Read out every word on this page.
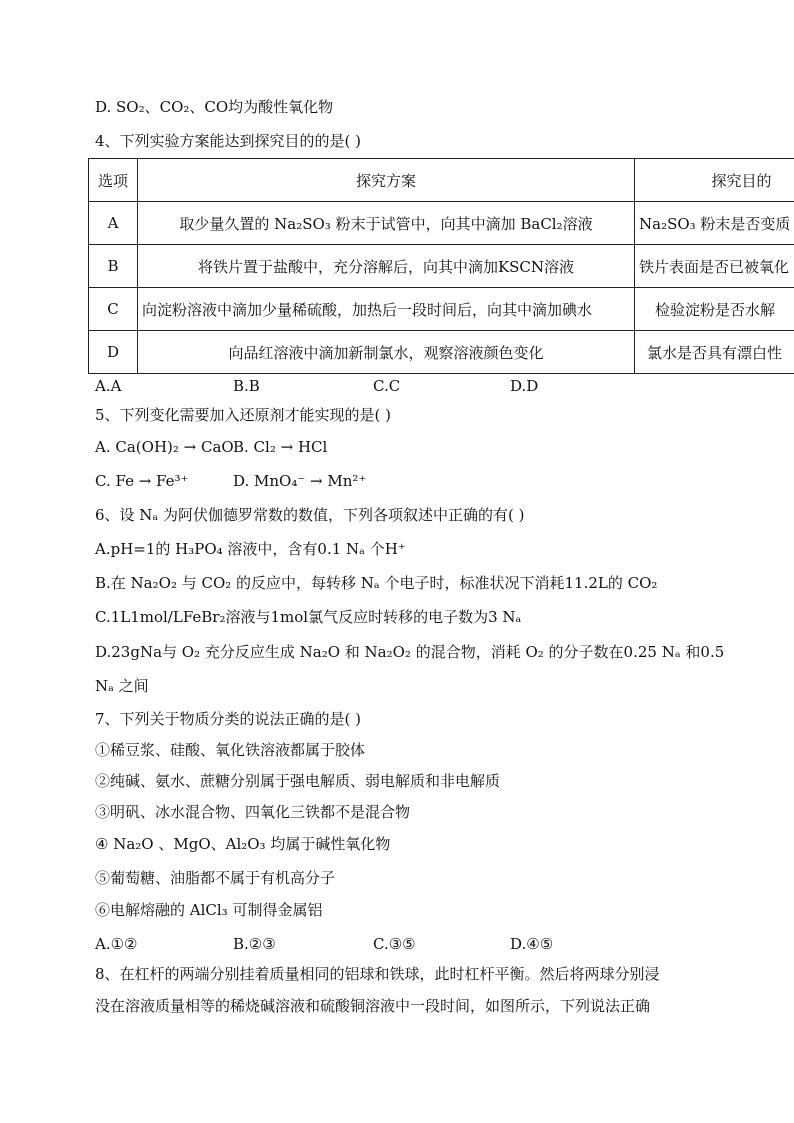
D. SO₂、CO₂、CO均为酸性氧化物
4、下列实验方案能达到探究目的的是( )
选项	探究方案	探究目的
A	取少量久置的 Na₂SO₃ 粉末于试管中，向其中滴加 BaCl₂溶液	Na₂SO₃ 粉末是否变质
B	将铁片置于盐酸中，充分溶解后，向其中滴加KSCN溶液	铁片表面是否已被氧化
C	向淀粉溶液中滴加少量稀硫酸，加热后一段时间后，向其中滴加碘水	检验淀粉是否水解
D	向品红溶液中滴加新制氯水，观察溶液颜色变化	氯水是否具有漂白性
A.A	B.B	C.C	D.D
5、下列变化需要加入还原剂才能实现的是( )
A. Ca(OH)₂ → CaO B. Cl₂ → HCl
C. Fe → Fe³⁺	D. MnO₄⁻ → Mn²⁺
6、设 Nₐ 为阿伏伽德罗常数的数值，下列各项叙述中正确的有( )
A.pH=1的 H₃PO₄ 溶液中，含有0.1 Nₐ 个H⁺
B.在 Na₂O₂ 与 CO₂ 的反应中，每转移 Nₐ 个电子时，标准状况下消耗11.2L的 CO₂
C.1L1mol/LFeBr₂溶液与1mol氯气反应时转移的电子数为3 Nₐ
D.23gNa与 O₂ 充分反应生成 Na₂O 和 Na₂O₂ 的混合物，消耗 O₂ 的分子数在0.25 Nₐ 和0.5
Nₐ 之间
7、下列关于物质分类的说法正确的是( )
①稀豆浆、硅酸、氧化铁溶液都属于胶体
②纯碱、氨水、蔗糖分别属于强电解质、弱电解质和非电解质
③明矾、冰水混合物、四氧化三铁都不是混合物
④ Na₂O 、MgO、Al₂O₃ 均属于碱性氧化物
⑤葡萄糖、油脂都不属于有机高分子
⑥电解熔融的 AlCl₃ 可制得金属铝
A.①②	B.②③	C.③⑤	D.④⑤
8、在杠杆的两端分别挂着质量相同的铝球和铁球，此时杠杆平衡。然后将两球分别浸
没在溶液质量相等的稀烧碱溶液和硫酸铜溶液中一段时间，如图所示，下列说法正确
